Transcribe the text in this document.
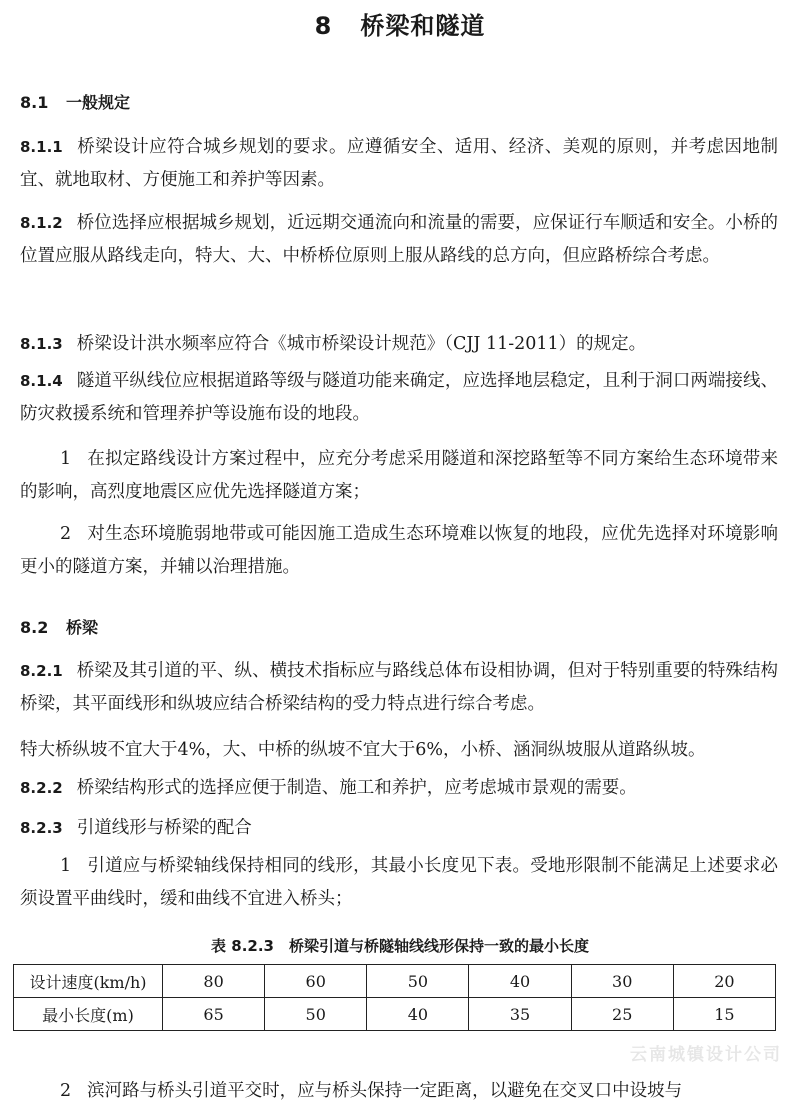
8 桥梁和隧道
8.1 一般规定
8.1.1 桥梁设计应符合城乡规划的要求。应遵循安全、适用、经济、美观的原则，并考虑因地制宜、就地取材、方便施工和养护等因素。
8.1.2 桥位选择应根据城乡规划，近远期交通流向和流量的需要，应保证行车顺适和安全。小桥的位置应服从路线走向，特大、大、中桥桥位原则上服从路线的总方向，但应路桥综合考虑。
8.1.3 桥梁设计洪水频率应符合《城市桥梁设计规范》（CJJ 11-2011）的规定。
8.1.4 隧道平纵线位应根据道路等级与隧道功能来确定，应选择地层稳定，且利于洞口两端接线、防灾救援系统和管理养护等设施布设的地段。
1 在拟定路线设计方案过程中，应充分考虑采用隧道和深挖路堑等不同方案给生态环境带来的影响，高烈度地震区应优先选择隧道方案；
2 对生态环境脆弱地带或可能因施工造成生态环境难以恢复的地段，应优先选择对环境影响更小的隧道方案，并辅以治理措施。
8.2 桥梁
8.2.1 桥梁及其引道的平、纵、横技术指标应与路线总体布设相协调，但对于特别重要的特殊结构桥梁，其平面线形和纵坡应结合桥梁结构的受力特点进行综合考虑。
特大桥纵坡不宜大于4%，大、中桥的纵坡不宜大于6%，小桥、涵洞纵坡服从道路纵坡。
8.2.2 桥梁结构形式的选择应便于制造、施工和养护，应考虑城市景观的需要。
8.2.3 引道线形与桥梁的配合
1 引道应与桥梁轴线保持相同的线形，其最小长度见下表。受地形限制不能满足上述要求必须设置平曲线时，缓和曲线不宜进入桥头；
表 8.2.3　桥梁引道与桥隧轴线线形保持一致的最小长度
设计速度(km/h)	80	60	50	40	30	20
最小长度(m)	65	50	40	35	25	15
云南城镇设计公司
2 滨河路与桥头引道平交时，应与桥头保持一定距离，以避免在交叉口中设坡与
